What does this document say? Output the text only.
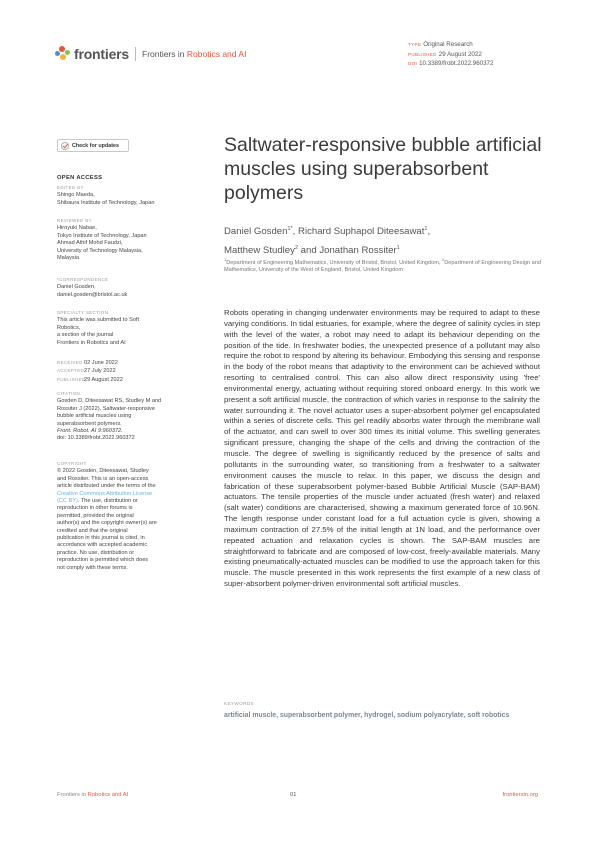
frontiers Frontiers in Robotics and AI
TYPE Original Research
PUBLISHED 29 August 2022
DOI 10.3389/frobt.2022.960372
Check for updates
OPEN ACCESS
EDITED BY
Shingo Maeda,
Shibaura Institute of Technology, Japan
REVIEWED BY
Hiroyuki Nabae,
Tokyo Institute of Technology, Japan
Ahmad Athif Mohd Faudzi,
University of Technology Malaysia,
Malaysia
*CORRESPONDENCE
Daniel Gosden,
daniel.gosden@bristol.ac.uk
SPECIALTY SECTION
This article was submitted to Soft
Robotics,
a section of the journal
Frontiers in Robotics and AI
RECEIVED02 June 2022
ACCEPTED27 July 2022
PUBLISHED29 August 2022
CITATION
Gosden D, Diteesawat RS, Studley M and
Rossiter J (2022), Saltwater-responsive
bubble artificial muscles using
superabsorbent polymers.
Front. Robot. AI 9:960372.
doi: 10.3389/frobt.2022.960372
COPYRIGHT
© 2022 Gosden, Diteesawat, Studley
and Rossiter. This is an open-access
article distributed under the terms of the
Creative Commons Attribution License
(CC BY). The use, distribution or
reproduction in other forums is
permitted, provided the original
author(s) and the copyright owner(s) are
credited and that the original
publication in this journal is cited, in
accordance with accepted academic
practice. No use, distribution or
reproduction is permitted which does
not comply with these terms.
Saltwater-responsive bubble artificial muscles using superabsorbent polymers
Daniel Gosden$^{1*}$, Richard Suphapol Diteesawat$^1$,
Matthew Studley$^2$ and Jonathan Rossiter$^1$
$^1$Department of Engineering Mathematics, University of Bristol, Bristol, United Kingdom, $^2$Department of Engineering Design and Mathematics, University of the West of England, Bristol, United Kingdom
Robots operating in changing underwater environments may be required to adapt to these varying conditions. In tidal estuaries, for example, where the degree of salinity cycles in step with the level of the water, a robot may need to adapt its behaviour depending on the position of the tide. In freshwater bodies, the unexpected presence of a pollutant may also require the robot to respond by altering its behaviour. Embodying this sensing and response in the body of the robot means that adaptivity to the environment can be achieved without resorting to centralised control. This can also allow direct responsivity using 'free' environmental energy, actuating without requiring stored onboard energy. In this work we present a soft artificial muscle, the contraction of which varies in response to the salinity the water surrounding it. The novel actuator uses a super-absorbent polymer gel encapsulated within a series of discrete cells. This gel readily absorbs water through the membrane wall of the actuator, and can swell to over 300 times its initial volume. This swelling generates significant pressure, changing the shape of the cells and driving the contraction of the muscle. The degree of swelling is significantly reduced by the presence of salts and pollutants in the surrounding water, so transitioning from a freshwater to a saltwater environment causes the muscle to relax. In this paper, we discuss the design and fabrication of these superabsorbent polymer-based Bubble Artificial Muscle (SAP-BAM) actuators. The tensile properties of the muscle under actuated (fresh water) and relaxed (salt water) conditions are characterised, showing a maximum generated force of 10.96N. The length response under constant load for a full actuation cycle is given, showing a maximum contraction of 27.5% of the initial length at 1N load, and the performance over repeated actuation and relaxation cycles is shown. The SAP-BAM muscles are straightforward to fabricate and are composed of low-cost, freely-available materials. Many existing pneumatically-actuated muscles can be modified to use the approach taken for this muscle. The muscle presented in this work represents the first example of a new class of super-absorbent polymer-driven environmental soft artificial muscles.
KEYWORDS
artificial muscle, superabsorbent polymer, hydrogel, sodium polyacrylate, soft robotics
Frontiers in Robotics and AI	01	frontiersin.org
